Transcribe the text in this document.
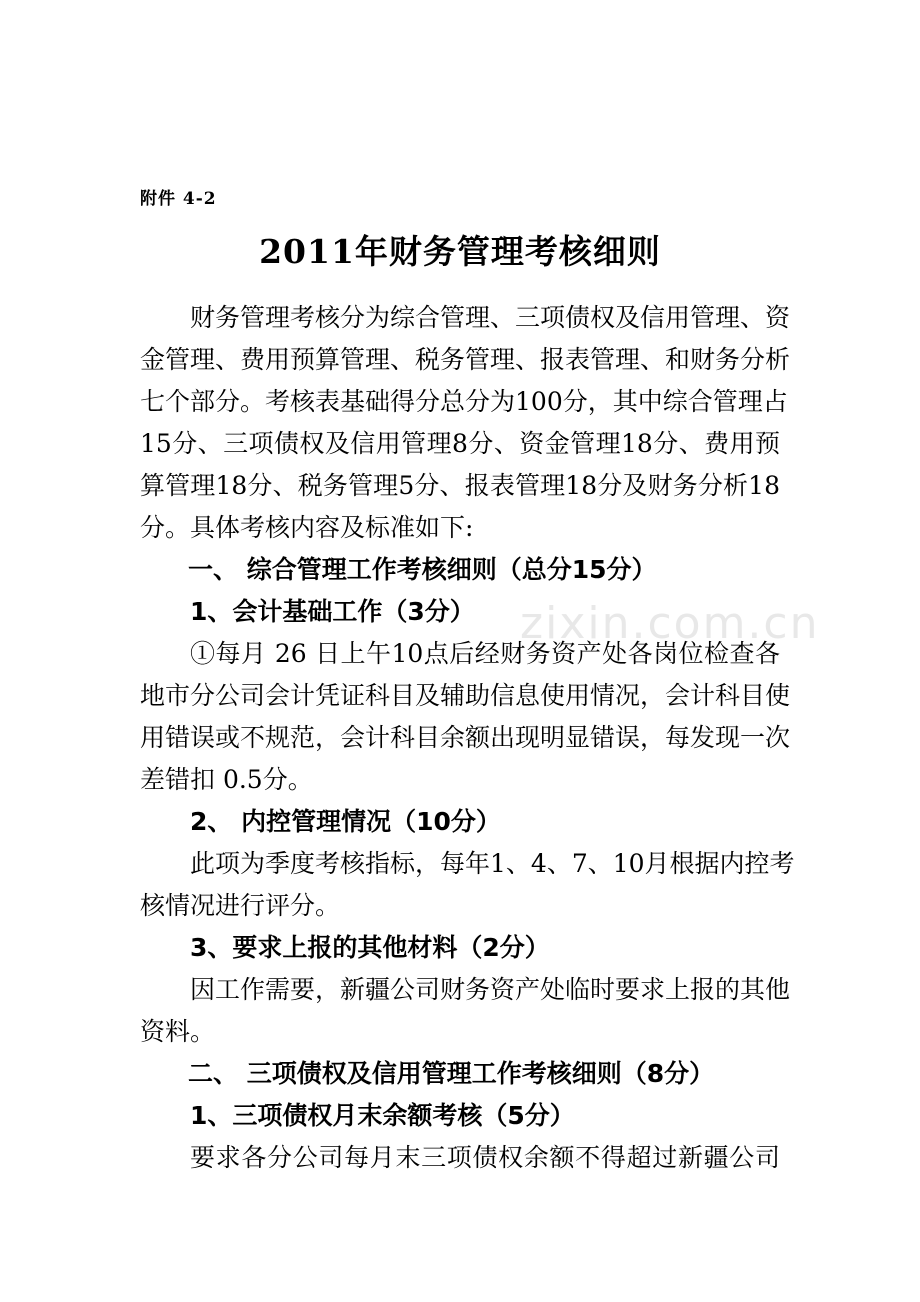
zixin.com.cn
附件 4-2
2011年财务管理考核细则
财务管理考核分为综合管理、三项债权及信用管理、资
金管理、费用预算管理、税务管理、报表管理、和财务分析
七个部分。考核表基础得分总分为100分，其中综合管理占
15分、三项债权及信用管理8分、资金管理18分、费用预
算管理18分、税务管理5分、报表管理18分及财务分析18
分。具体考核内容及标准如下:
一、 综合管理工作考核细则（总分15分）
1、会计基础工作（3分）
①每月 26 日上午10点后经财务资产处各岗位检查各
地市分公司会计凭证科目及辅助信息使用情况，会计科目使
用错误或不规范，会计科目余额出现明显错误，每发现一次
差错扣 0.5分。
2、 内控管理情况（10分）
此项为季度考核指标，每年1、4、7、10月根据内控考
核情况进行评分。
3、要求上报的其他材料（2分）
因工作需要，新疆公司财务资产处临时要求上报的其他
资料。
二、 三项债权及信用管理工作考核细则（8分）
1、三项债权月末余额考核（5分）
要求各分公司每月末三项债权余额不得超过新疆公司
